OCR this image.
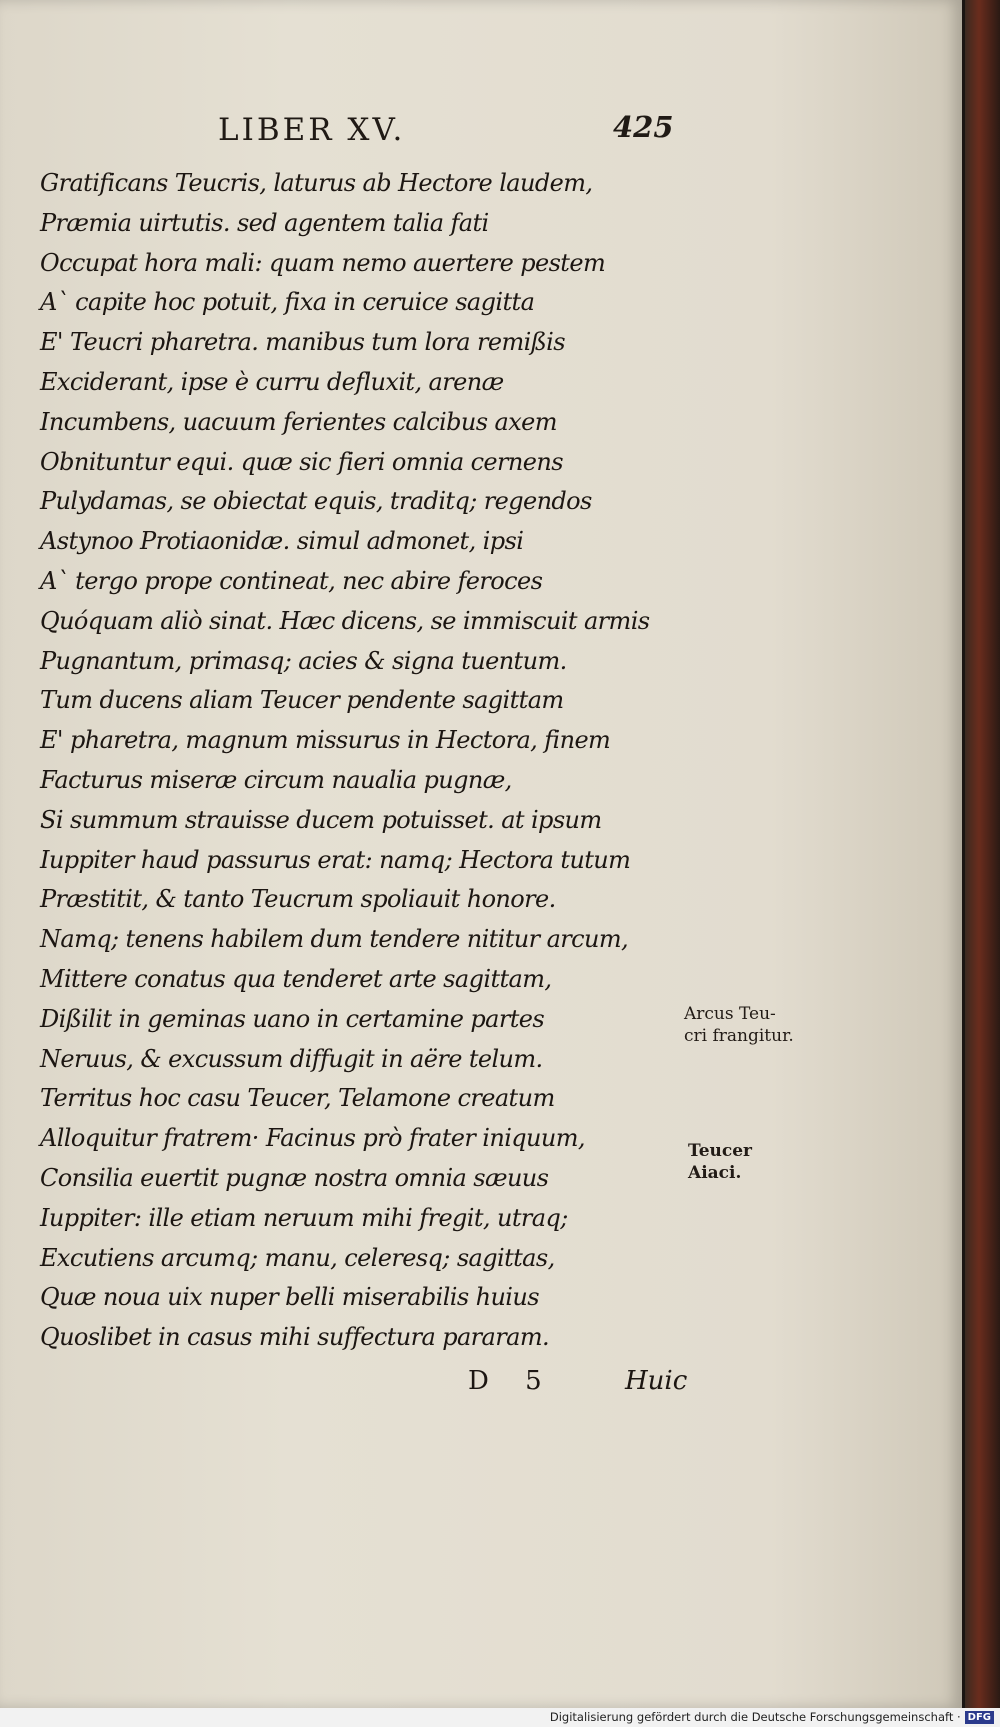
LIBER XV.	425
Gratificans Teucris, laturus ab Hectore laudem,
Præmia uirtutis. sed agentem talia fati
Occupat hora mali: quam nemo auertere pestem
A` capite hoc potuit, fixa in ceruice sagitta
E' Teucri pharetra. manibus tum lora remißis
Exciderant, ipse è curru defluxit, arenæ
Incumbens, uacuum ferientes calcibus axem
Obnituntur equi. quæ sic fieri omnia cernens
Pulydamas, se obiectat equis, traditq; regendos
Astynoo Protiaonidæ. simul admonet, ipsi
A` tergo prope contineat, nec abire feroces
Quóquam aliò sinat. Hæc dicens, se immiscuit armis
Pugnantum, primasq; acies & signa tuentum.
Tum ducens aliam Teucer pendente sagittam
E' pharetra, magnum missurus in Hectora, finem
Facturus miseræ circum naualia pugnæ,
Si summum strauisse ducem potuisset. at ipsum
Iuppiter haud passurus erat: namq; Hectora tutum
Præstitit, & tanto Teucrum spoliauit honore.
Namq; tenens habilem dum tendere nititur arcum,
Mittere conatus qua tenderet arte sagittam,
Dißilit in geminas uano in certamine partes
Neruus, & excussum diffugit in aëre telum.
Territus hoc casu Teucer, Telamone creatum
Alloquitur fratrem· Facinus prò frater iniquum,
Consilia euertit pugnæ nostra omnia sæuus
Iuppiter: ille etiam neruum mihi fregit, utraq;
Excutiens arcumq; manu, celeresq; sagittas,
Quæ noua uix nuper belli miserabilis huius
Quoslibet in casus mihi suffectura pararam.
Arcus Teu-
cri frangitur.
Teucer
Aiaci.
D 5	Huic
Digitalisierung gefördert durch die Deutsche Forschungsgemeinschaft · DFG
